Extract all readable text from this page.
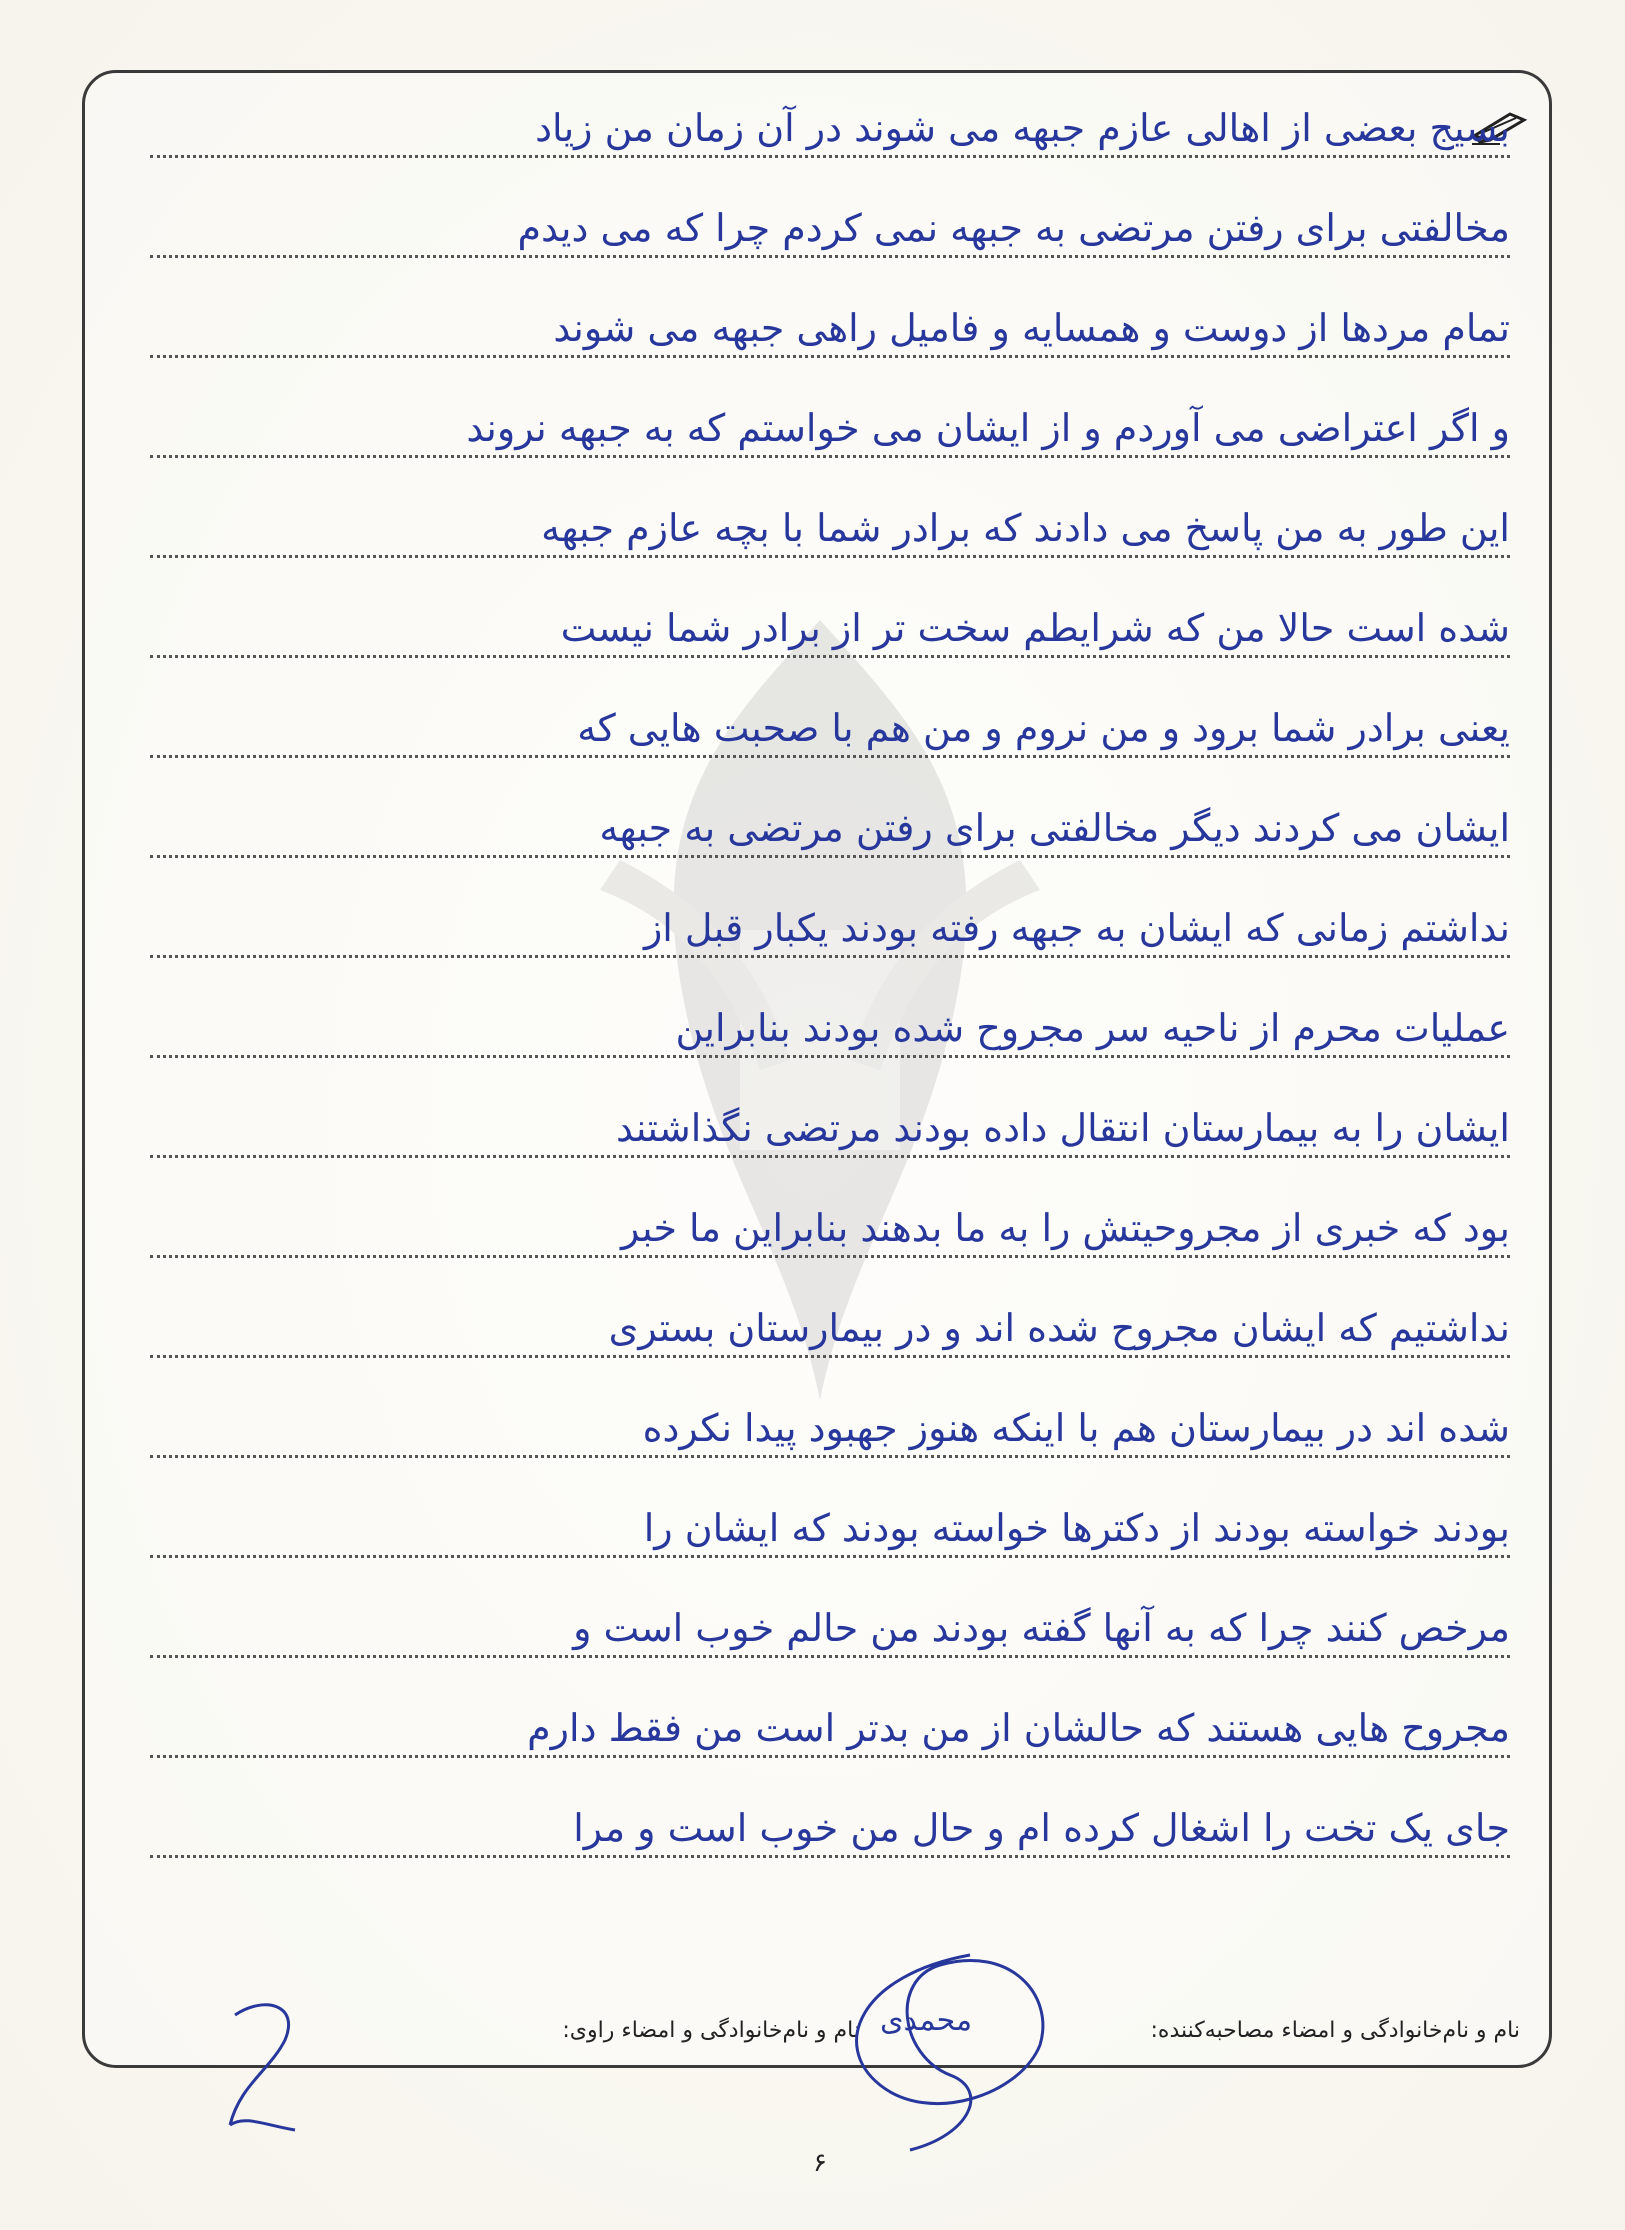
بسیج بعضی از اهالی عازم جبهه می شوند در آن زمان من زیاد
مخالفتی برای رفتن مرتضی به جبهه نمی کردم چرا که می دیدم
تمام مردها از دوست و همسایه و فامیل راهی جبهه می شوند
و اگر اعتراضی می آوردم و از ایشان می خواستم که به جبهه نروند
این طور به من پاسخ می دادند که برادر شما با بچه عازم جبهه
شده است حالا من که شرایطم سخت تر از برادر شما نیست
یعنی برادر شما برود و من نروم و من هم با صحبت هایی که
ایشان می کردند دیگر مخالفتی برای رفتن مرتضی به جبهه
نداشتم زمانی که ایشان به جبهه رفته بودند یکبار قبل از
عملیات محرم از ناحیه سر مجروح شده بودند بنابراین
ایشان را به بیمارستان انتقال داده بودند مرتضی نگذاشتند
بود که خبری از مجروحیتش را به ما بدهند بنابراین ما خبر
نداشتیم که ایشان مجروح شده اند و در بیمارستان بستری
شده اند در بیمارستان هم با اینکه هنوز جهبود پیدا نکرده
بودند خواسته بودند از دکترها خواسته بودند که ایشان را
مرخص کنند چرا که به آنها گفته بودند من حالم خوب است و
مجروح هایی هستند که حالشان از من بدتر است من فقط دارم
جای یک تخت را اشغال کرده ام و حال من خوب است و مرا
نام و نام‌خانوادگی و امضاء مصاحبه‌کننده:
نام و نام‌خانوادگی و امضاء راوی: محمدی
۶
